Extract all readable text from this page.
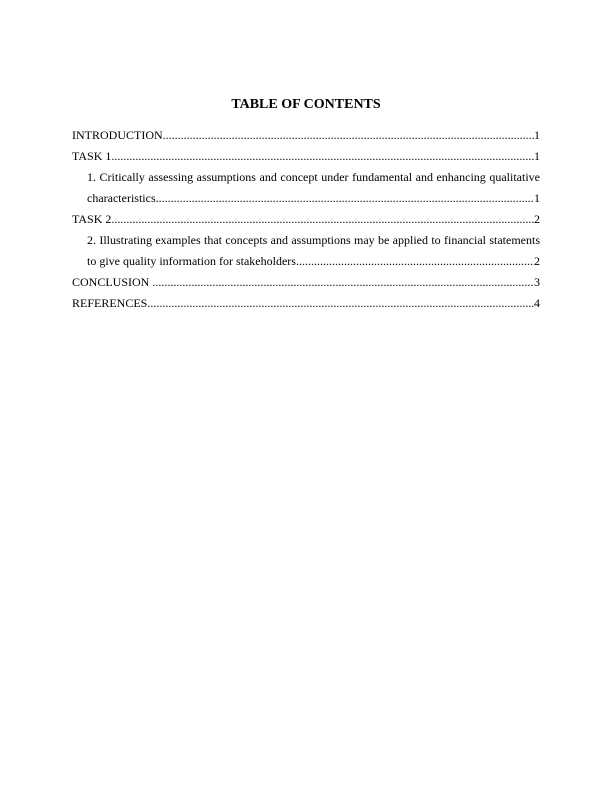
TABLE OF CONTENTS
INTRODUCTION .....	1
TASK 1 .....	1
1. Critically assessing assumptions and concept under fundamental and enhancing qualitative
characteristics .....	1
TASK 2 .....	2
2. Illustrating examples that concepts and assumptions may be applied to financial statements
to give quality information for stakeholders .....	2
CONCLUSION .....	3
REFERENCES .....	4
